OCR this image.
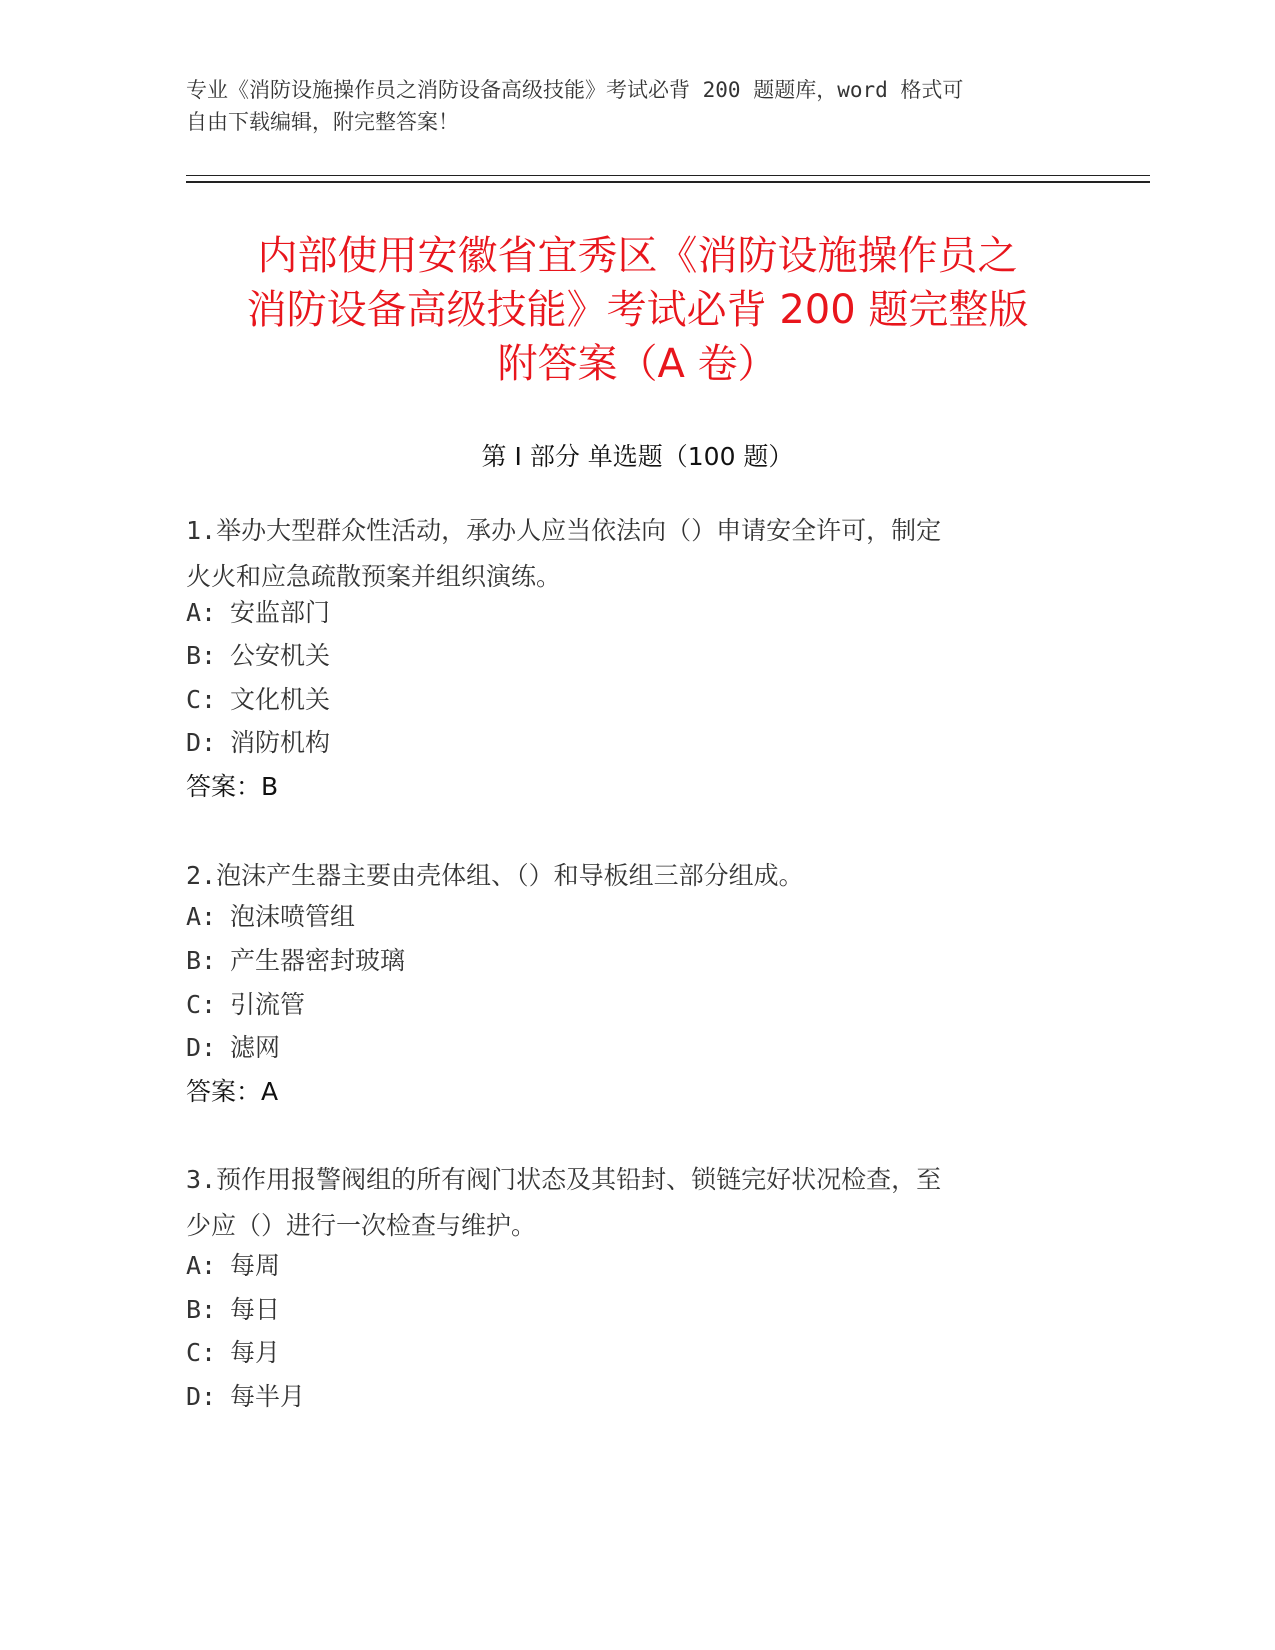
专业《消防设施操作员之消防设备高级技能》考试必背 200 题题库，word 格式可
自由下载编辑，附完整答案！
内部使用安徽省宜秀区《消防设施操作员之
消防设备高级技能》考试必背 200 题完整版
附答案（A 卷）
第 I 部分 单选题（100 题）
1.举办大型群众性活动，承办人应当依法向（）申请安全许可，制定
火火和应急疏散预案并组织演练。
A: 安监部门
B: 公安机关
C: 文化机关
D: 消防机构
答案：B
2.泡沫产生器主要由壳体组、（）和导板组三部分组成。
A: 泡沫喷管组
B: 产生器密封玻璃
C: 引流管
D: 滤网
答案：A
3.预作用报警阀组的所有阀门状态及其铅封、锁链完好状况检查，至
少应（）进行一次检查与维护。
A: 每周
B: 每日
C: 每月
D: 每半月
